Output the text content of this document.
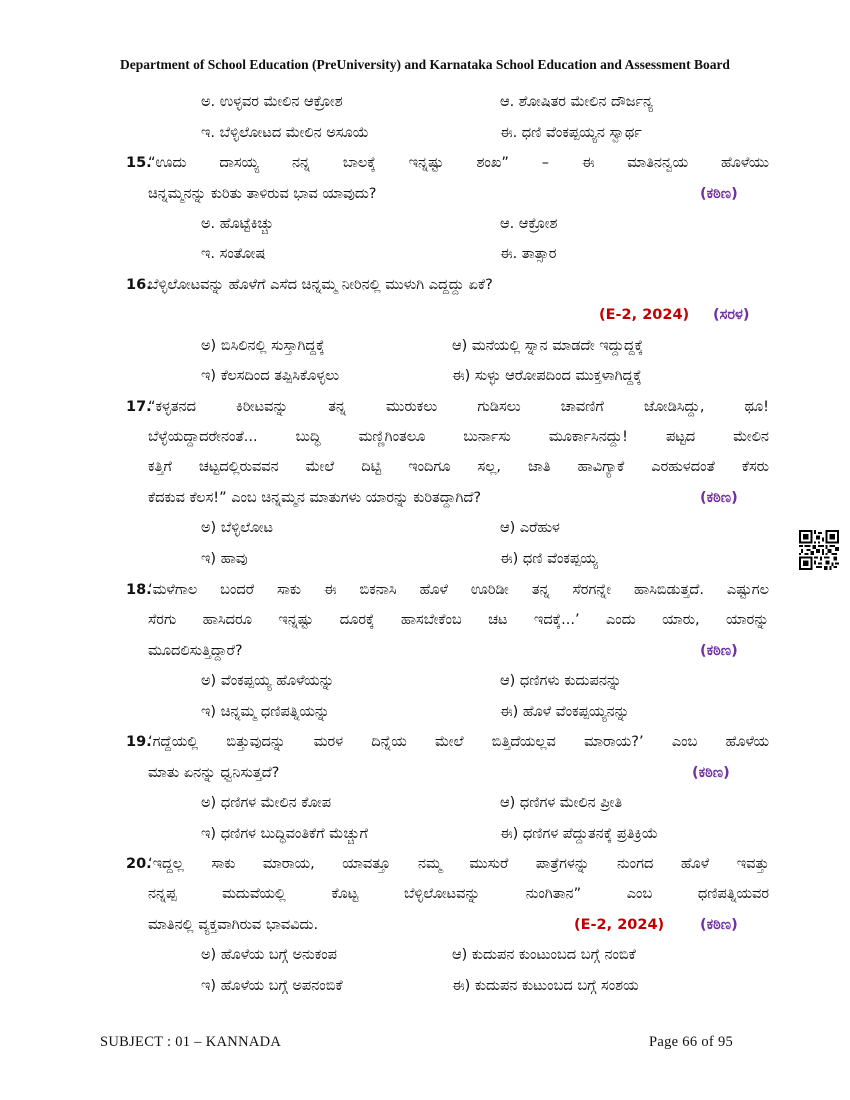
Department of School Education (PreUniversity) and Karnataka School Education and Assessment Board
ಅ. ಉಳ್ಳವರ ಮೇಲಿನ ಆಕ್ರೋಶ	ಆ. ಶೋಷಿತರ ಮೇಲಿನ ದೌರ್ಜನ್ಯ
ಇ. ಬೆಳ್ಳಿಲೋಟದ ಮೇಲಿನ ಅಸೂಯೆ	ಈ. ಧಣಿ ವೆಂಕಪ್ಪಯ್ಯನ ಸ್ವಾರ್ಥ
15.
“ಊದು ದಾಸಯ್ಯ ನನ್ನ ಬಾಲಕ್ಕೆ ಇನ್ನಷ್ಟು ಶಂಖ” – ಈ ಮಾತಿನನ್ವಯ ಹೊಳೆಯು
ಚಿನ್ನಮ್ಮನನ್ನು ಕುರಿತು ತಾಳಿರುವ ಭಾವ ಯಾವುದು?	(ಕಠಿಣ)
ಅ. ಹೊಟ್ಟೆಕಿಚ್ಚು	ಆ. ಆಕ್ರೋಶ
ಇ. ಸಂತೋಷ	ಈ. ತಾತ್ಸಾರ
16.
ಬೆಳ್ಳಿಲೋಟವನ್ನು ಹೊಳೆಗೆ ಎಸೆದ ಚಿನ್ನಮ್ಮ ನೀರಿನಲ್ಲಿ ಮುಳುಗಿ ಎದ್ದದ್ದು ಏಕೆ?
(E-2, 2024) (ಸರಳ)
ಅ) ಬಿಸಿಲಿನಲ್ಲಿ ಸುಸ್ತಾಗಿದ್ದಕ್ಕೆ	ಆ) ಮನೆಯಲ್ಲಿ ಸ್ನಾನ ಮಾಡದೇ ಇದ್ದುದ್ದಕ್ಕೆ
ಇ) ಕೆಲಸದಿಂದ ತಪ್ಪಿಸಿಕೊಳ್ಳಲು	ಈ) ಸುಳ್ಳು ಆರೋಪದಿಂದ ಮುಕ್ತಳಾಗಿದ್ದಕ್ಕೆ
17.
“ಕಳ್ಳತನದ ಕಿರೀಟವನ್ನು ತನ್ನ ಮುರುಕಲು ಗುಡಿಸಲು ಚಾವಣಿಗೆ ಜೋಡಿಸಿದ್ದು, ಥೂ!
ಬೆಳ್ಳೆಯದ್ದಾದರೇನಂತೆ... ಬುದ್ಧಿ ಮಣ್ಣಿಗಿಂತಲೂ ಬುರ್ನಾಸು ಮೂರ್ಕಾಸಿನದ್ದು! ಪಟ್ಟದ ಮೇಲಿನ
ಕತ್ತಿಗೆ ಚಟ್ಟದಲ್ಲಿರುವವನ ಮೇಲೆ ದಿಟ್ಟಿ ಇಂದಿಗೂ ಸಲ್ಲ, ಜಾತಿ ಹಾವಿಗ್ಯಾಕೆ ಎರಹುಳದಂತೆ ಕೆಸರು
ಕೆದಕುವ ಕೆಲಸ!” ಎಂಬ ಚಿನ್ನಮ್ಮನ ಮಾತುಗಳು ಯಾರನ್ನು ಕುರಿತದ್ದಾಗಿದೆ?	(ಕಠಿಣ)
ಅ) ಬೆಳ್ಳಿಲೋಟ	ಆ) ಎರೆಹುಳ
ಇ) ಹಾವು	ಈ) ಧಣಿ ವೆಂಕಪ್ಪಯ್ಯ
18.
‘ಮಳೆಗಾಲ ಬಂದರೆ ಸಾಕು ಈ ಬಿಕನಾಸಿ ಹೊಳೆ ಊರಿಡೀ ತನ್ನ ಸೆರಗನ್ನೇ ಹಾಸಿಬಿಡುತ್ತದೆ. ಎಷ್ಟುಗಲ
ಸೆರಗು ಹಾಸಿದರೂ ಇನ್ನಷ್ಟು ದೂರಕ್ಕೆ ಹಾಸಬೇಕೆಂಬ ಚಟ ಇದಕ್ಕೆ...’ ಎಂದು ಯಾರು, ಯಾರನ್ನು
ಮೂದಲಿಸುತ್ತಿದ್ದಾರೆ?	(ಕಠಿಣ)
ಅ) ವೆಂಕಪ್ಪಯ್ಯ ಹೊಳೆಯನ್ನು	ಆ) ಧಣಿಗಳು ಕುದುಪನನ್ನು
ಇ) ಚಿನ್ನಮ್ಮ ಧಣಿಪತ್ನಿಯನ್ನು	ಈ) ಹೊಳೆ ವೆಂಕಪ್ಪಯ್ಯನನ್ನು
19.
‘ಗದ್ದೆಯಲ್ಲಿ ಬಿತ್ತುವುದನ್ನು ಮರಳ ದಿನ್ನೆಯ ಮೇಲೆ ಬಿತ್ತಿದೆಯಲ್ಲವ ಮಾರಾಯ?’ ಎಂಬ ಹೊಳೆಯ
ಮಾತು ಏನನ್ನು ಧ್ವನಿಸುತ್ತದೆ?	(ಕಠಿಣ)
ಅ) ಧಣಿಗಳ ಮೇಲಿನ ಕೋಪ	ಆ) ಧಣಿಗಳ ಮೇಲಿನ ಪ್ರೀತಿ
ಇ) ಧಣಿಗಳ ಬುದ್ಧಿವಂತಿಕೆಗೆ ಮೆಚ್ಚುಗೆ	ಈ) ಧಣಿಗಳ ಪೆದ್ದುತನಕ್ಕೆ ಪ್ರತಿಕ್ರಿಯೆ
20.
‘ಇದ್ದಲ್ಲ ಸಾಕು ಮಾರಾಯ, ಯಾವತ್ತೂ ನಮ್ಮ ಮುಸುರೆ ಪಾತ್ರೆಗಳನ್ನು ನುಂಗದ ಹೊಳೆ ಇವತ್ತು
ನನ್ನಪ್ಪ ಮದುವೆಯಲ್ಲಿ ಕೊಟ್ಟ ಬೆಳ್ಳಿಲೋಟವನ್ನು ನುಂಗಿತಾನ” ಎಂಬ ಧಣಿಪತ್ನಿಯವರ
ಮಾತಿನಲ್ಲಿ ವ್ಯಕ್ತವಾಗಿರುವ ಭಾವವಿದು.	(E-2, 2024) (ಕಠಿಣ)
ಅ) ಹೊಳೆಯ ಬಗ್ಗೆ ಅನುಕಂಪ	ಆ) ಕುದುಪನ ಕುಂಟುಂಬದ ಬಗ್ಗೆ ನಂಬಿಕೆ
ಇ) ಹೊಳೆಯ ಬಗ್ಗೆ ಅಪನಂಬಿಕೆ	ಈ) ಕುದುಪನ ಕುಟುಂಬದ ಬಗ್ಗೆ ಸಂಶಯ
SUBJECT : 01 – KANNADA	Page 66 of 95
